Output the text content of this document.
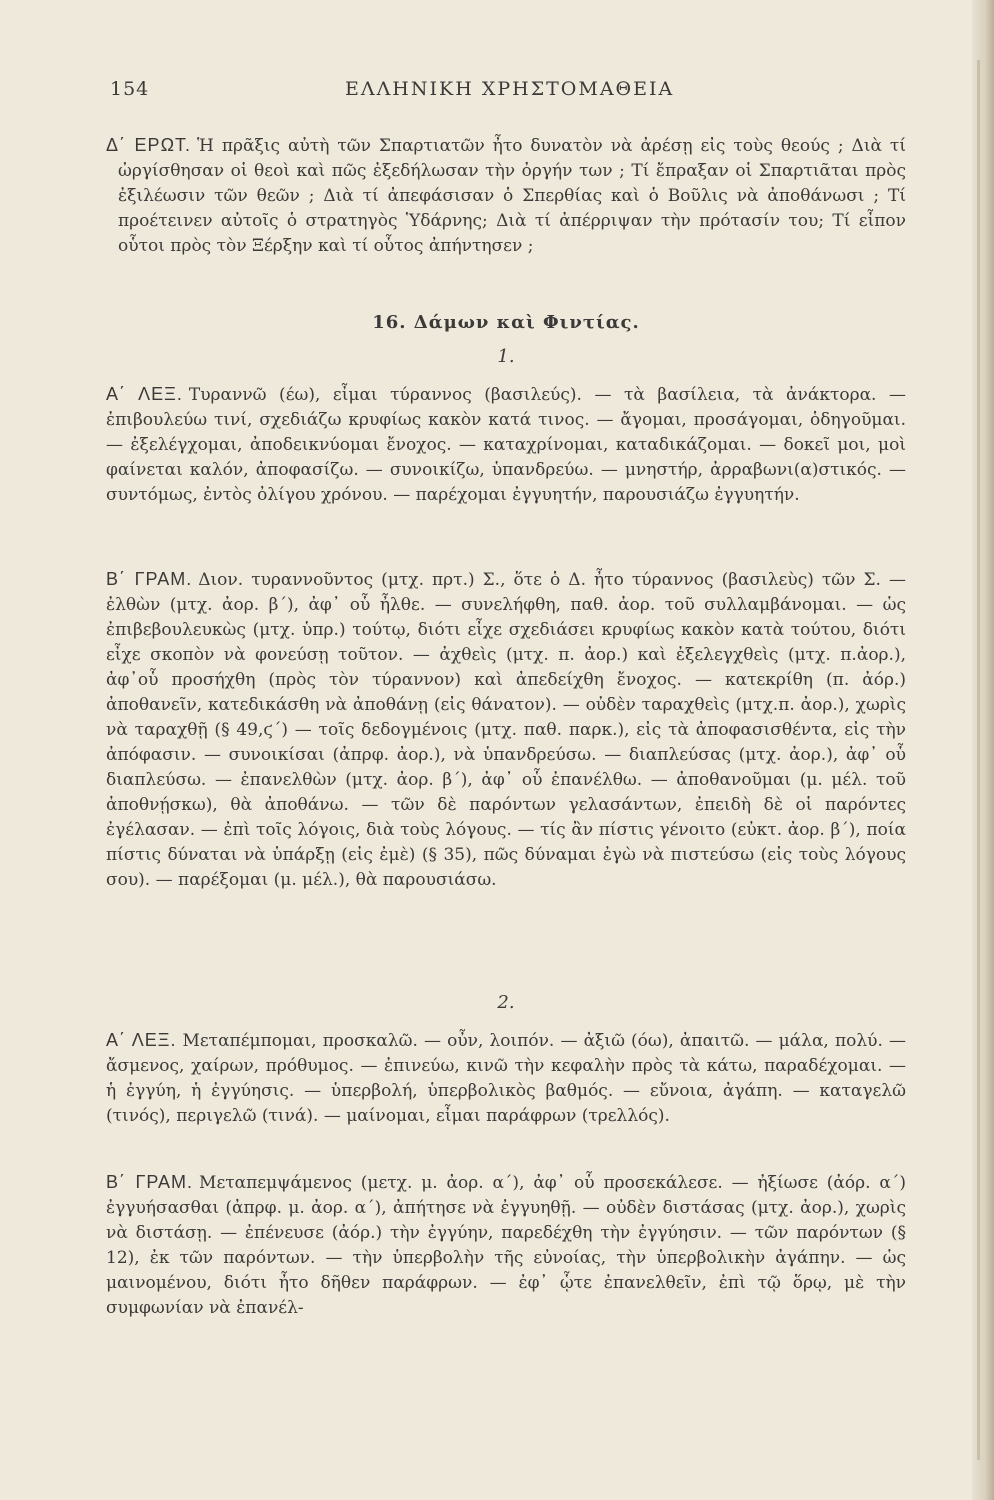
154	ΕΛΛΗΝΙΚΗ ΧΡΗΣΤΟΜΑΘΕΙΑ

Δ΄ ΕΡΩΤ. Ἡ πρᾶξις αὐτὴ τῶν Σπαρτιατῶν ἦτο δυνατὸν νὰ ἀρέσῃ εἰς τοὺς θεούς ; Διὰ τί ὠργίσθησαν οἱ θεοὶ καὶ πῶς ἐξεδήλωσαν τὴν ὀργήν των ; Τί ἔπραξαν οἱ Σπαρτιᾶται πρὸς ἐξιλέωσιν τῶν θεῶν ; Διὰ τί ἀπεφάσισαν ὁ Σπερθίας καὶ ὁ Βοῦλις νὰ ἀποθάνωσι ; Τί προέτεινεν αὐτοῖς ὁ στρατηγὸς Ὑδάρνης; Διὰ τί ἀπέρριψαν τὴν πρότασίν του; Τί εἶπον οὗτοι πρὸς τὸν Ξέρξην καὶ τί οὗτος ἀπήντησεν ;

16. Δάμων καὶ Φιντίας.
1.

Α΄ ΛΕΞ. Τυραννῶ (έω), εἶμαι τύραννος (βασιλεύς). — τὰ βασίλεια, τὰ ἀνάκτορα. — ἐπιβουλεύω τινί, σχεδιάζω κρυφίως κακὸν κατά τινος. — ἄγομαι, προσάγομαι, ὁδηγοῦμαι. — ἐξελέγχομαι, ἀποδεικνύομαι ἔνοχος. — καταχρίνομαι, καταδικάζομαι. — δοκεῖ μοι, μοὶ φαίνεται καλόν, ἀποφασίζω. — συνοικίζω, ὑπανδρεύω. — μνηστήρ, ἀρραβωνι(α)στικός. — συντόμως, ἐντὸς ὀλίγου χρόνου. — παρέχομαι ἐγγυητήν, παρουσιάζω ἐγγυητήν.

Β΄ ΓΡΑΜ. Διον. τυραννοῦντος (μτχ. πρτ.) Σ., ὅτε ὁ Δ. ἦτο τύραννος (βασιλεὺς) τῶν Σ. — ἐλθὼν (μτχ. ἀορ. β΄), ἀφ᾽ οὗ ἦλθε. — συνελήφθη, παθ. ἀορ. τοῦ συλλαμβάνομαι. — ὡς ἐπιβεβουλευκὼς (μτχ. ὑπρ.) τούτῳ, διότι εἶχε σχεδιάσει κρυφίως κακὸν κατὰ τούτου, διότι εἶχε σκοπὸν νὰ φονεύσῃ τοῦτον. — ἀχθεὶς (μτχ. π. ἀορ.) καὶ ἐξελεγχθεὶς (μτχ. π.ἀορ.), ἀφ᾽οὗ προσήχθη (πρὸς τὸν τύραννον) καὶ ἀπεδείχθη ἔνοχος. — κατεκρίθη (π. ἀόρ.) ἀποθανεῖν, κατεδικάσθη νὰ ἀποθάνῃ (εἰς θάνατον). — οὐδὲν ταραχθεὶς (μτχ.π. ἀορ.), χωρὶς νὰ ταραχθῇ (§ 49,ϛ΄) — τοῖς δεδογμένοις (μτχ. παθ. παρκ.), εἰς τὰ ἀποφασισθέντα, εἰς τὴν ἀπόφασιν. — συνοικίσαι (ἀπρφ. ἀορ.), νὰ ὑπανδρεύσω. — διαπλεύσας (μτχ. ἀορ.), ἀφ᾽ οὗ διαπλεύσω. — ἐπανελθὼν (μτχ. ἀορ. β΄), ἀφ᾽ οὗ ἐπανέλθω. — ἀποθανοῦμαι (μ. μέλ. τοῦ ἀποθνῄσκω), θὰ ἀποθάνω. — τῶν δὲ παρόντων γελασάντων, ἐπειδὴ δὲ οἱ παρόντες ἐγέλασαν. — ἐπὶ τοῖς λόγοις, διὰ τοὺς λόγους. — τίς ἂν πίστις γένοιτο (εὐκτ. ἀορ. β΄), ποία πίστις δύναται νὰ ὑπάρξῃ (εἰς ἐμὲ) (§ 35), πῶς δύναμαι ἐγὼ νὰ πιστεύσω (εἰς τοὺς λόγους σου). — παρέξομαι (μ. μέλ.), θὰ παρουσιάσω.

2.

Α΄ ΛΕΞ. Μεταπέμπομαι, προσκαλῶ. — οὖν, λοιπόν. — ἀξιῶ (όω), ἀπαιτῶ. — μάλα, πολύ. — ἄσμενος, χαίρων, πρόθυμος. — ἐπινεύω, κινῶ τὴν κεφαλὴν πρὸς τὰ κάτω, παραδέχομαι. — ἡ ἐγγύη, ἡ ἐγγύησις. — ὑπερβολή, ὑπερβολικὸς βαθμός. — εὔνοια, ἀγάπη. — καταγελῶ (τινός), περιγελῶ (τινά). — μαίνομαι, εἶμαι παράφρων (τρελλός).

Β΄ ΓΡΑΜ. Μεταπεμψάμενος (μετχ. μ. ἀορ. α΄), ἀφ᾽ οὗ προσεκάλεσε. — ἠξίωσε (ἀόρ. α΄) ἐγγυήσασθαι (ἀπρφ. μ. ἀορ. α΄), ἀπήτησε νὰ ἐγγυηθῇ. — οὐδὲν διστάσας (μτχ. ἀορ.), χωρὶς νὰ διστάσῃ. — ἐπένευσε (ἀόρ.) τὴν ἐγγύην, παρεδέχθη τὴν ἐγγύησιν. — τῶν παρόντων (§ 12), ἐκ τῶν παρόντων. — τὴν ὑπερβολὴν τῆς εὐνοίας, τὴν ὑπερβολικὴν ἀγάπην. — ὡς μαινομένου, διότι ἦτο δῆθεν παράφρων. — ἐφ᾽ ᾧτε ἐπανελθεῖν, ἐπὶ τῷ ὅρῳ, μὲ τὴν συμφωνίαν νὰ ἐπανέλ-
